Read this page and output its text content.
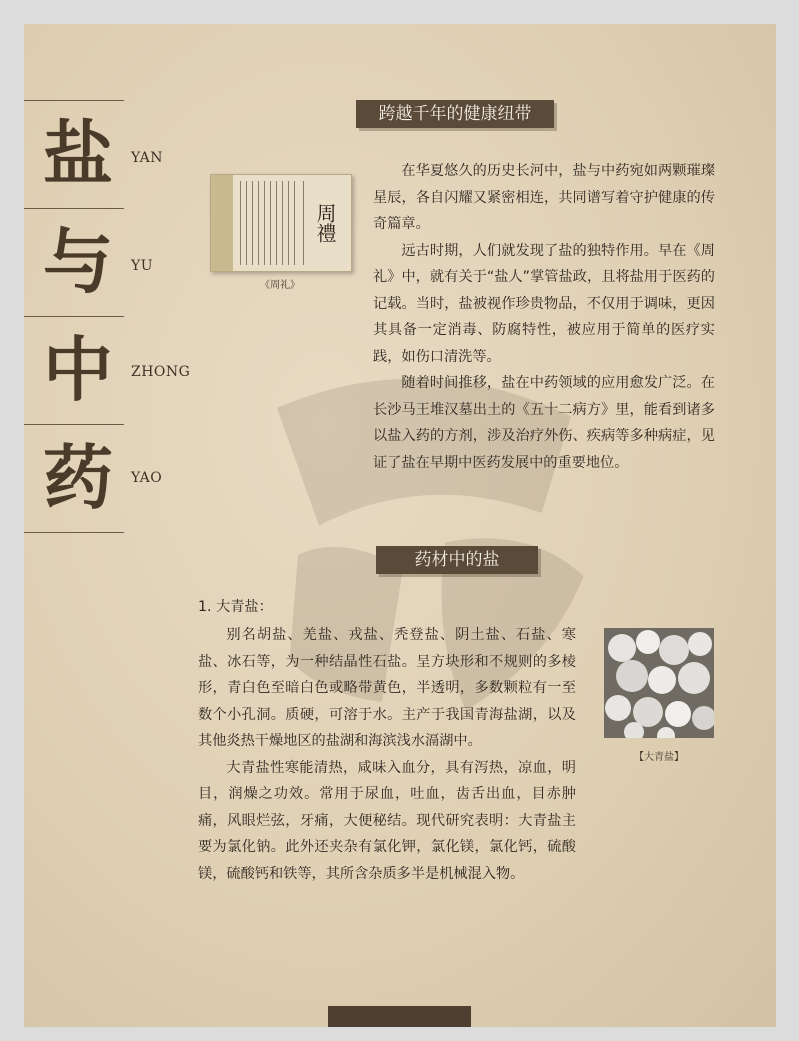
盐	YAN
与	YU
中	ZHONG
药	YAO
跨越千年的健康纽带
周禮
《周礼》

在华夏悠久的历史长河中，盐与中药宛如两颗璀璨星辰，各自闪耀又紧密相连，共同谱写着守护健康的传奇篇章。

远古时期，人们就发现了盐的独特作用。早在《周礼》中，就有关于“盐人”掌管盐政，且将盐用于医药的记载。当时，盐被视作珍贵物品，不仅用于调味，更因其具备一定消毒、防腐特性，被应用于简单的医疗实践，如伤口清洗等。

随着时间推移，盐在中药领域的应用愈发广泛。在长沙马王堆汉墓出土的《五十二病方》里，能看到诸多以盐入药的方剂，涉及治疗外伤、疾病等多种病症，见证了盐在早期中医药发展中的重要地位。

药材中的盐
1. 大青盐：

别名胡盐、羌盐、戎盐、秃登盐、阴土盐、石盐、寒盐、冰石等，为一种结晶性石盐。呈方块形和不规则的多棱形，青白色至暗白色或略带黄色，半透明，多数颗粒有一至数个小孔洞。质硬，可溶于水。主产于我国青海盐湖，以及其他炎热干燥地区的盐湖和海滨浅水滆湖中。

大青盐性寒能清热，咸味入血分，具有泻热，凉血，明目，润燥之功效。常用于尿血，吐血，齿舌出血，目赤肿痛，风眼烂弦，牙痛，大便秘结。现代研究表明：大青盐主要为氯化钠。此外还夹杂有氯化钾，氯化镁，氯化钙，硫酸镁，硫酸钙和铁等，其所含杂质多半是机械混入物。

【大青盐】
